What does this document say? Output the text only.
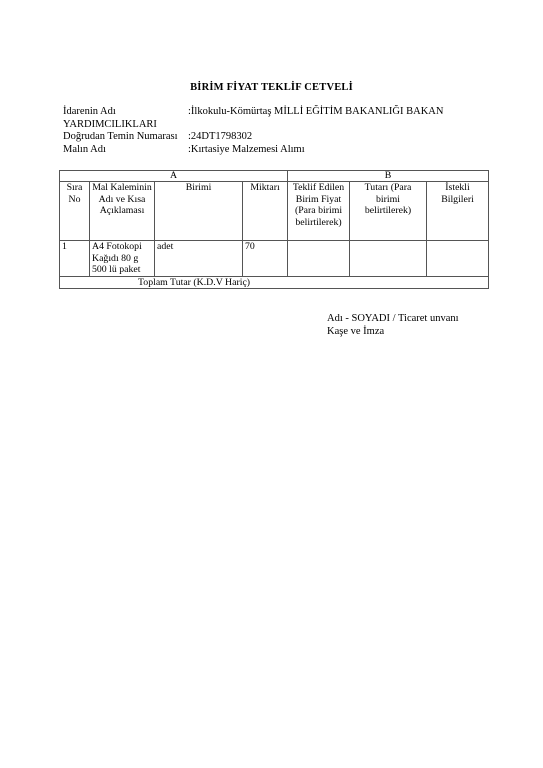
BİRİM FİYAT TEKLİF CETVELİ
İdarenin Adı	:İlkokulu-Kömürtaş MİLLİ EĞİTİM BAKANLIĞI BAKAN
YARDIMCILIKLARI
Doğrudan Temin Numarası :24DT1798302
Malın Adı	:Kırtasiye Malzemesi Alımı
A				B		
Sıra No	Mal Kaleminin Adı ve Kısa Açıklaması	Birimi	Miktarı	Teklif Edilen Birim Fiyat (Para birimi belirtilerek)	Tutarı (Para birimi belirtilerek)	İstekli Bilgileri
1	A4 Fotokopi Kağıdı 80 g 500 lü paket	adet	70			
Toplam Tutar (K.D.V Hariç)						
Adı - SOYADI / Ticaret unvanı
Kaşe ve İmza
